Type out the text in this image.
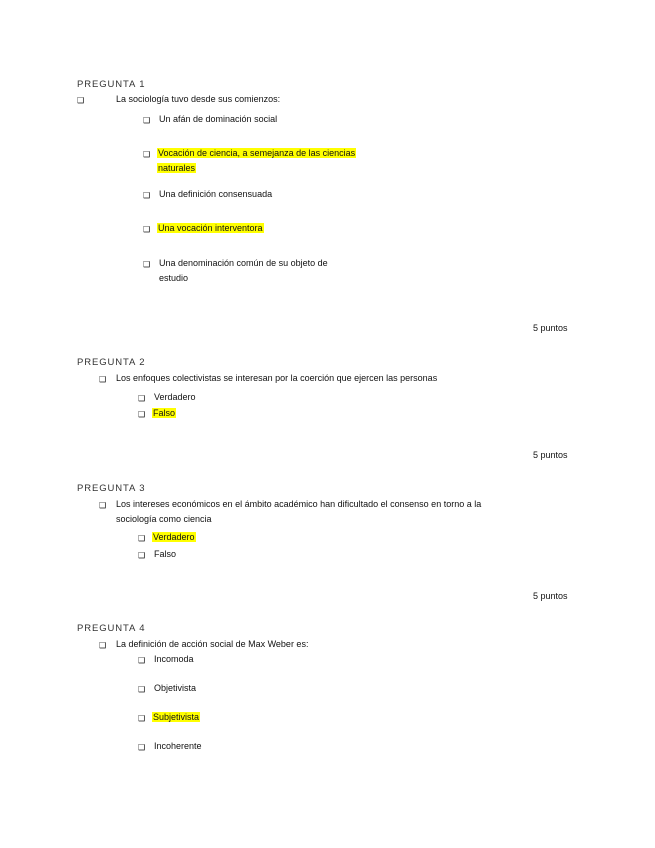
PREGUNTA 1
❑	La sociología tuvo desde sus comienzos:
❑ Un afán de dominación social
❑ Vocación de ciencia, a semejanza de las ciencias
naturales
❑ Una definición consensuada
❑ Una vocación interventora
❑ Una denominación común de su objeto de
estudio
5 puntos
PREGUNTA 2
❑ Los enfoques colectivistas se interesan por la coerción que ejercen las personas
❑ Verdadero
❑ Falso
5 puntos
PREGUNTA 3
❑ Los intereses económicos en el ámbito académico han dificultado el consenso en torno a la
sociología como ciencia
❑ Verdadero
❑ Falso
5 puntos
PREGUNTA 4
❑ La definición de acción social de Max Weber es:
❑ Incomoda
❑ Objetivista
❑ Subjetivista
❑ Incoherente
